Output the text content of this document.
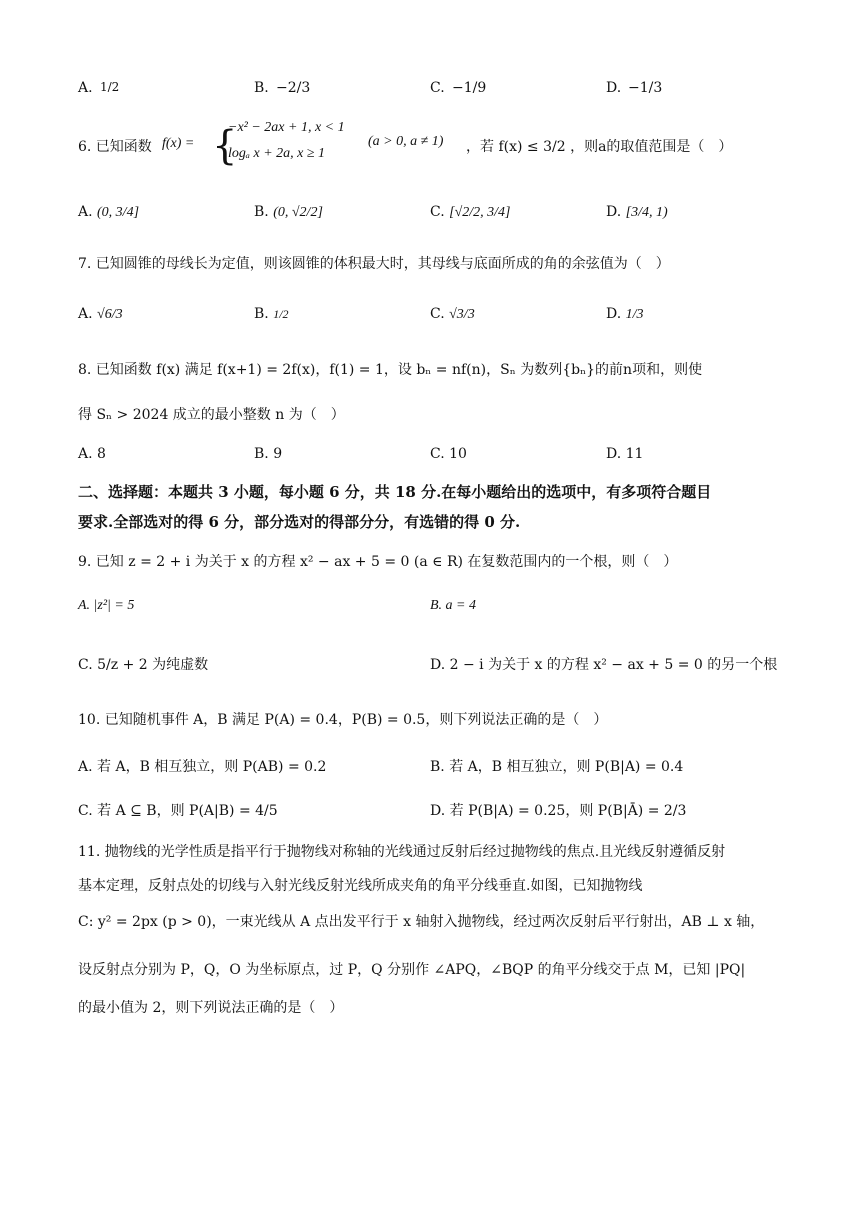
A. 1/2	B. −2/3	C. −1/9	D. −1/3
6. 已知函数 f(x) = {
−x² − 2ax + 1, x < 1
logₐ x + 2a, x ≥ 1
(a > 0, a ≠ 1) ，若 f(x) ≤ 3/2 ，则a的取值范围是（　）
A. (0, 3/4]	B. (0, √2/2]	C. [√2/2, 3/4]	D. [3/4, 1)
7. 已知圆锥的母线长为定值，则该圆锥的体积最大时，其母线与底面所成的角的余弦值为（　）
A. √6/3	B. 1/2	C. √3/3	D. 1/3
8. 已知函数 f(x) 满足 f(x+1) = 2f(x)，f(1) = 1，设 bₙ = nf(n)，Sₙ 为数列{bₙ}的前n项和，则使
得 Sₙ > 2024 成立的最小整数 n 为（　）
A. 8	B. 9	C. 10	D. 11
二、选择题：本题共 3 小题，每小题 6 分，共 18 分.在每小题给出的选项中，有多项符合题目
要求.全部选对的得 6 分，部分选对的得部分分，有选错的得 0 分.
9. 已知 z = 2 + i 为关于 x 的方程 x² − ax + 5 = 0 (a ∈ R) 在复数范围内的一个根，则（　）
A. |z²| = 5	B. a = 4
C. 5/z + 2 为纯虚数	D. 2 − i 为关于 x 的方程 x² − ax + 5 = 0 的另一个根
10. 已知随机事件 A，B 满足 P(A) = 0.4，P(B) = 0.5，则下列说法正确的是（　）
A. 若 A，B 相互独立，则 P(AB) = 0.2	B. 若 A，B 相互独立，则 P(B|A) = 0.4
C. 若 A ⊆ B，则 P(A|B) = 4/5	D. 若 P(B|A) = 0.25，则 P(B|Ā) = 2/3
11. 抛物线的光学性质是指平行于抛物线对称轴的光线通过反射后经过抛物线的焦点.且光线反射遵循反射
基本定理，反射点处的切线与入射光线反射光线所成夹角的角平分线垂直.如图，已知抛物线
C: y² = 2px (p > 0)，一束光线从 A 点出发平行于 x 轴射入抛物线，经过两次反射后平行射出，AB ⊥ x 轴，
设反射点分别为 P，Q，O 为坐标原点，过 P，Q 分别作 ∠APQ，∠BQP 的角平分线交于点 M，已知 |PQ|
的最小值为 2，则下列说法正确的是（　）
